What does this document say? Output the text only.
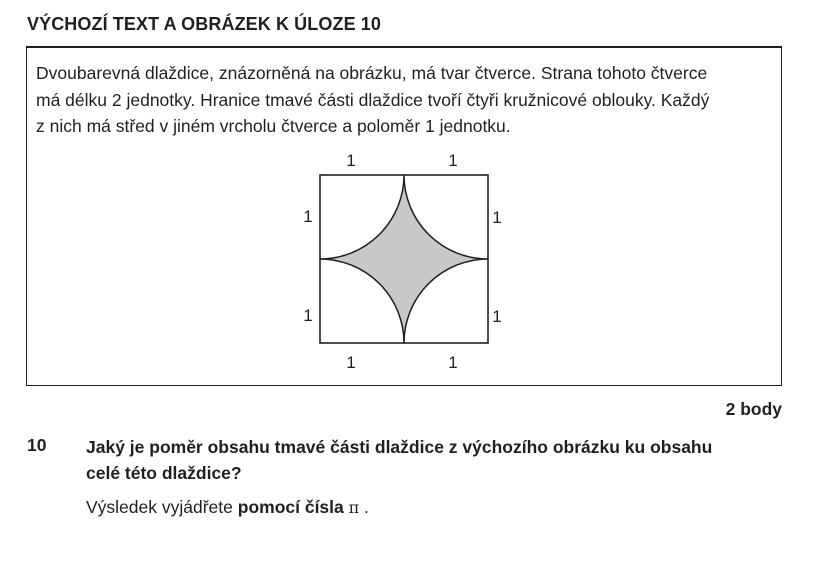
VÝCHOZÍ TEXT A OBRÁZEK K ÚLOZE 10
Dvoubarevná dlaždice, znázorněná na obrázku, má tvar čtverce. Strana tohoto čtverce
má délku 2 jednotky. Hranice tmavé části dlaždice tvoří čtyři kružnicové oblouky. Každý
z nich má střed v jiném vrcholu čtverce a poloměr 1 jednotku.
1	1
1
1
1
1
1	1
2 body
10 Jaký je poměr obsahu tmavé části dlaždice z výchozího obrázku ku obsahu
celé této dlaždice?
Výsledek vyjádřete pomocí čísla π .
